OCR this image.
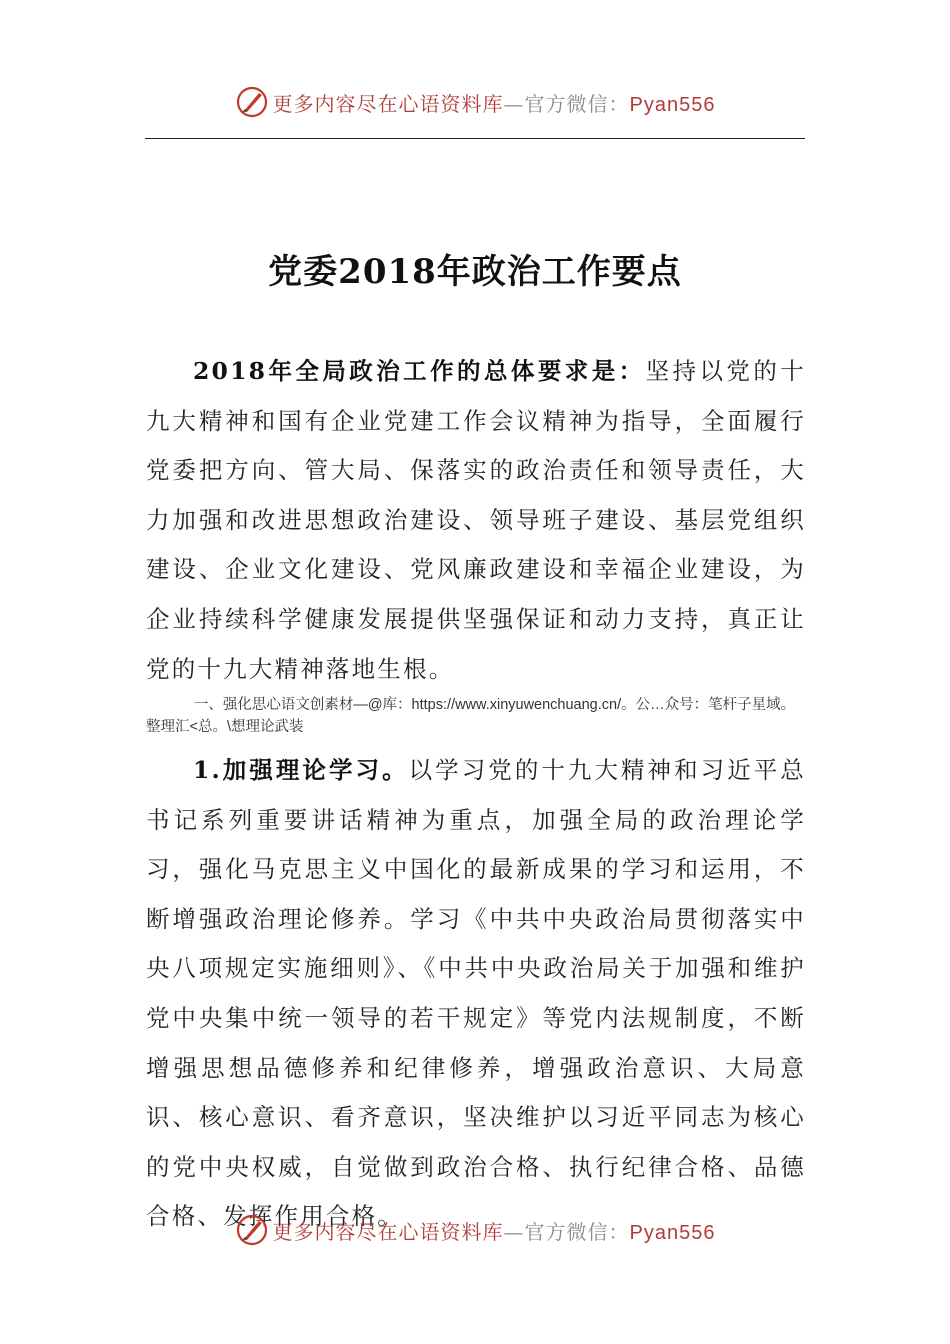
更多内容尽在心语资料库—官方微信：Pyan556
党委2018年政治工作要点

2018年全局政治工作的总体要求是：坚持以党的十九大精神和国有企业党建工作会议精神为指导，全面履行党委把方向、管大局、保落实的政治责任和领导责任，大力加强和改进思想政治建设、领导班子建设、基层党组织建设、企业文化建设、党风廉政建设和幸福企业建设，为企业持续科学健康发展提供坚强保证和动力支持，真正让党的十九大精神落地生根。

一、强化思心语文创素材—@库：https://www.xinyuwenchuang.cn/。公…众号：笔杆子星域。整理汇<总。\想理论武装

1.加强理论学习。以学习党的十九大精神和习近平总书记系列重要讲话精神为重点，加强全局的政治理论学习，强化马克思主义中国化的最新成果的学习和运用，不断增强政治理论修养。学习《中共中央政治局贯彻落实中央八项规定实施细则》、《中共中央政治局关于加强和维护党中央集中统一领导的若干规定》等党内法规制度，不断增强思想品德修养和纪律修养，增强政治意识、大局意识、核心意识、看齐意识，坚决维护以习近平同志为核心的党中央权威，自觉做到政治合格、执行纪律合格、品德合格、发挥作用合格。

更多内容尽在心语资料库—官方微信：Pyan556
